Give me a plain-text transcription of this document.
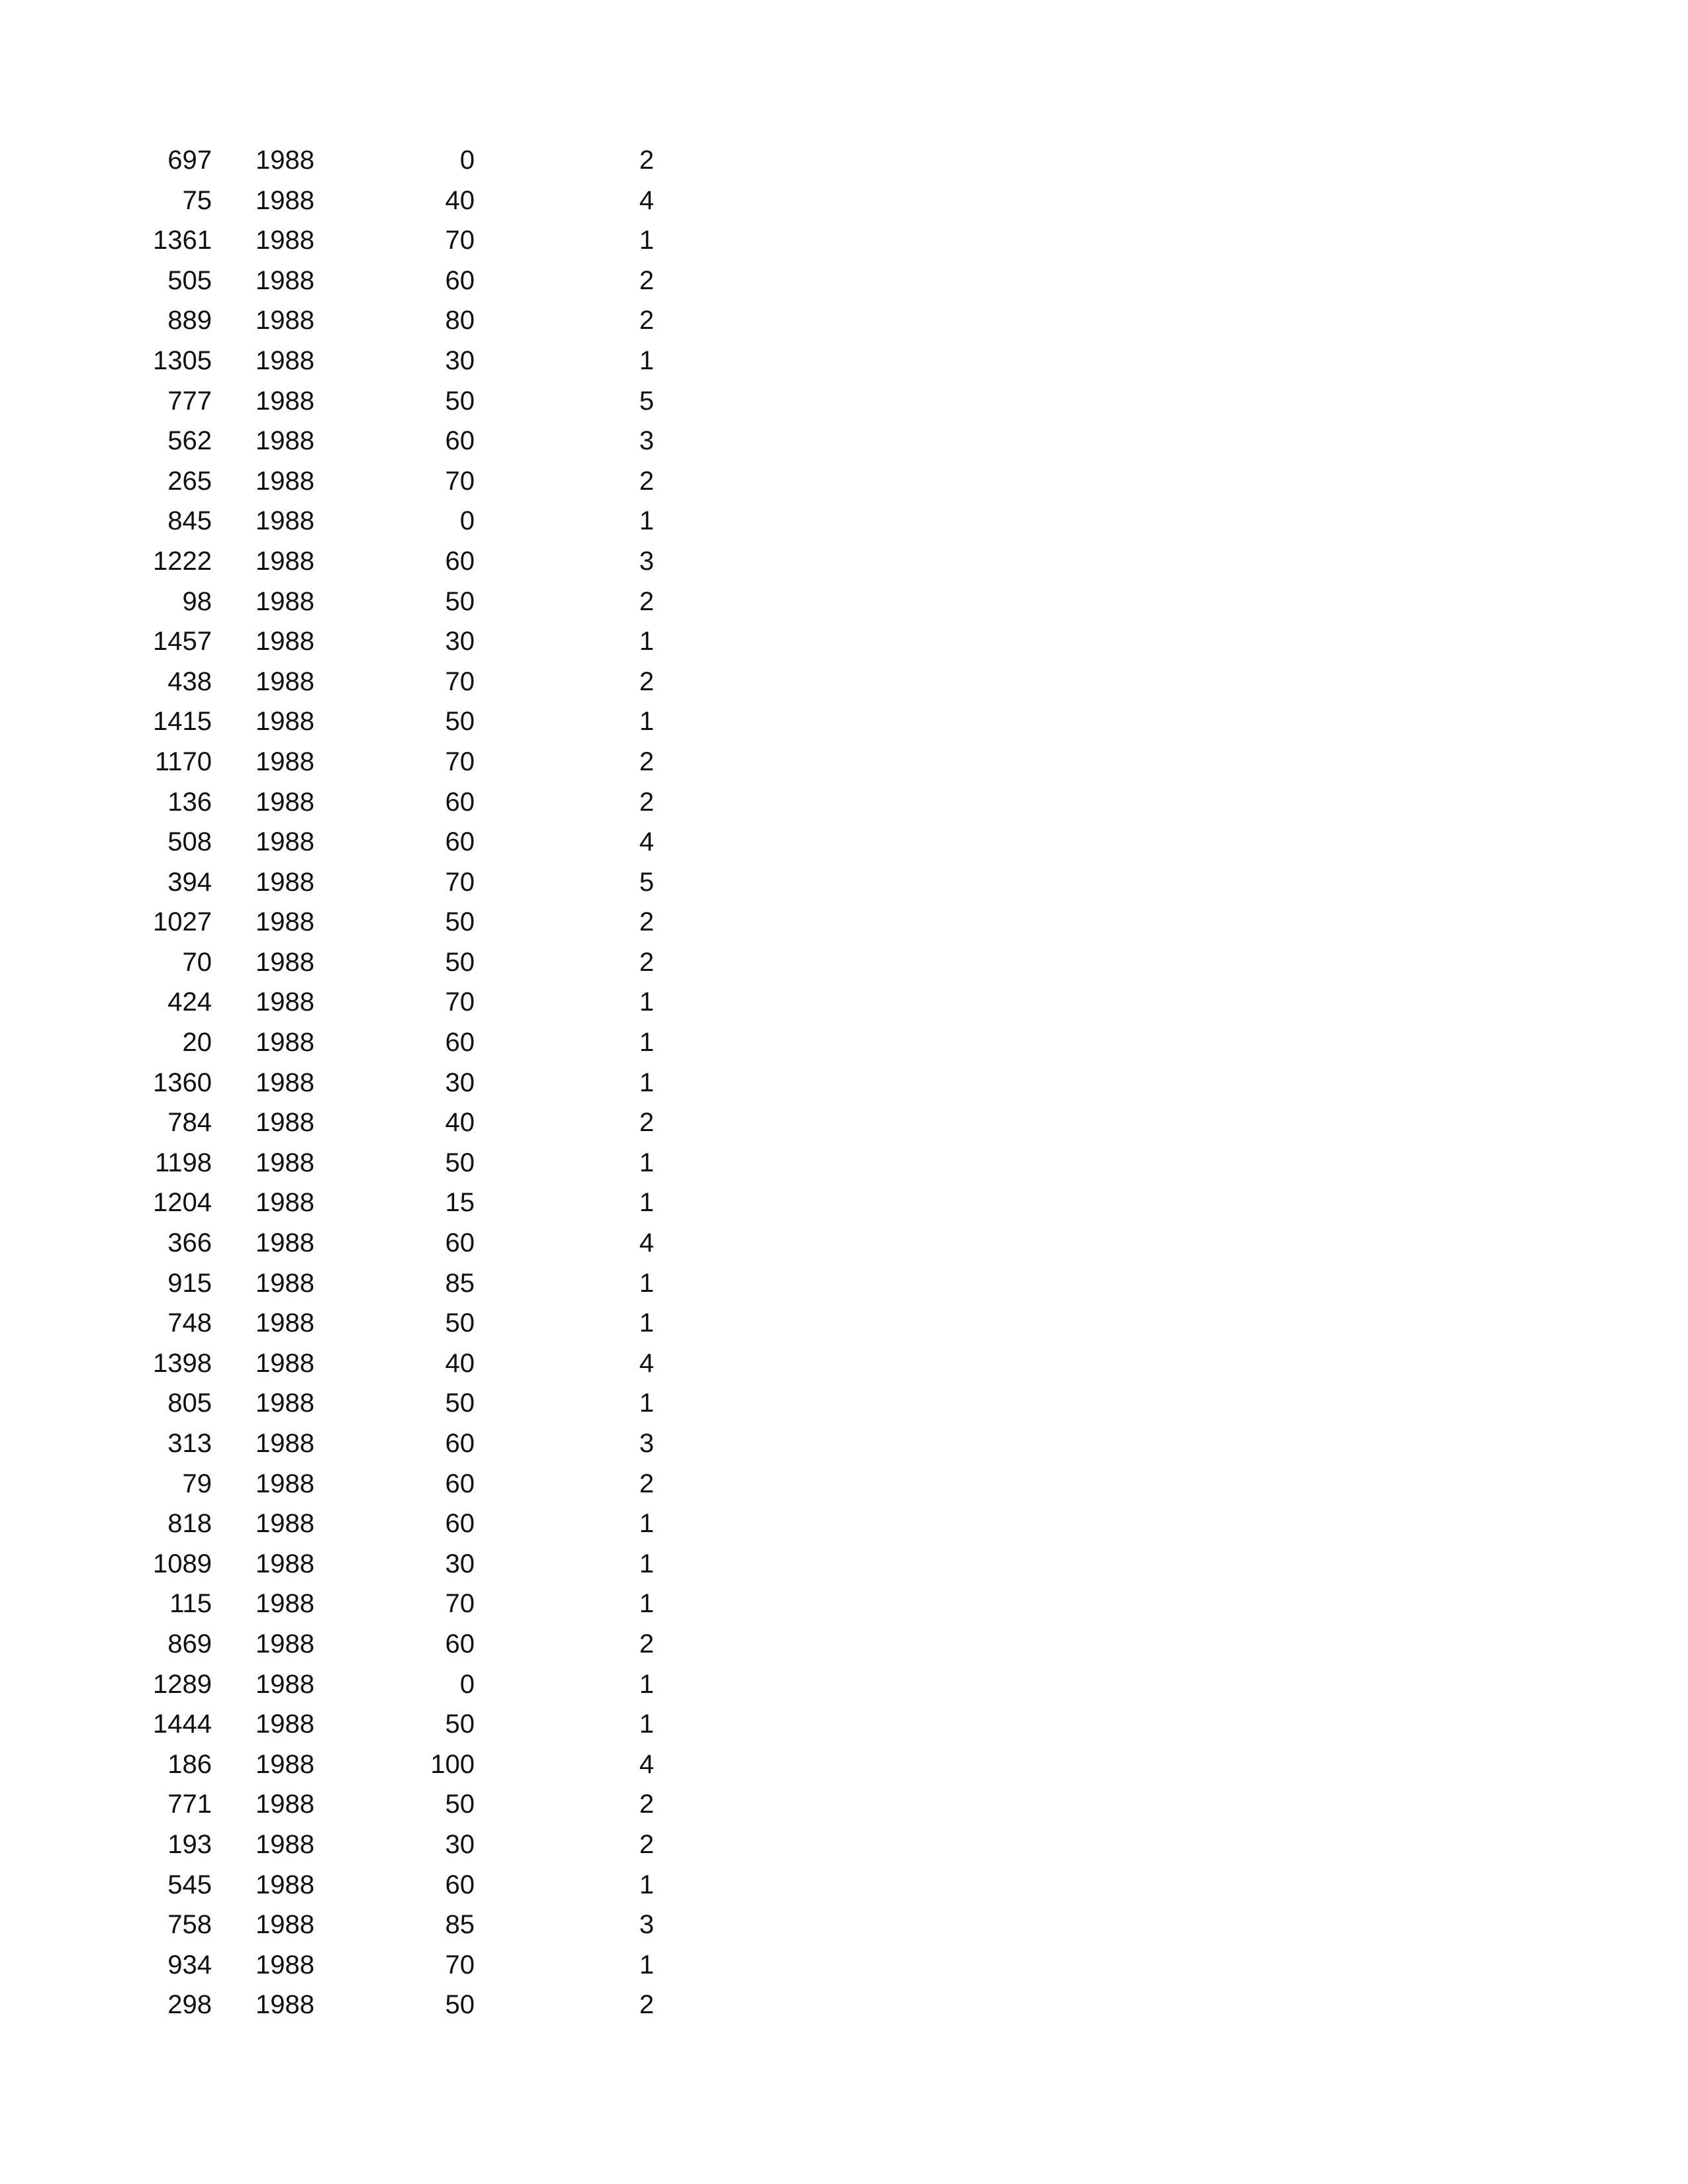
697 1988	0	2
75 1988	40	4
1361 1988	70	1
505 1988	60	2
889 1988	80	2
1305 1988	30	1
777 1988	50	5
562 1988	60	3
265 1988	70	2
845 1988	0	1
1222 1988	60	3
98 1988	50	2
1457 1988	30	1
438 1988	70	2
1415 1988	50	1
1170 1988	70	2
136 1988	60	2
508 1988	60	4
394 1988	70	5
1027 1988	50	2
70 1988	50	2
424 1988	70	1
20 1988	60	1
1360 1988	30	1
784 1988	40	2
1198 1988	50	1
1204 1988	15	1
366 1988	60	4
915 1988	85	1
748 1988	50	1
1398 1988	40	4
805 1988	50	1
313 1988	60	3
79 1988	60	2
818 1988	60	1
1089 1988	30	1
115 1988	70	1
869 1988	60	2
1289 1988	0	1
1444 1988	50	1
186 1988	100	4
771 1988	50	2
193 1988	30	2
545 1988	60	1
758 1988	85	3
934 1988	70	1
298 1988	50	2
